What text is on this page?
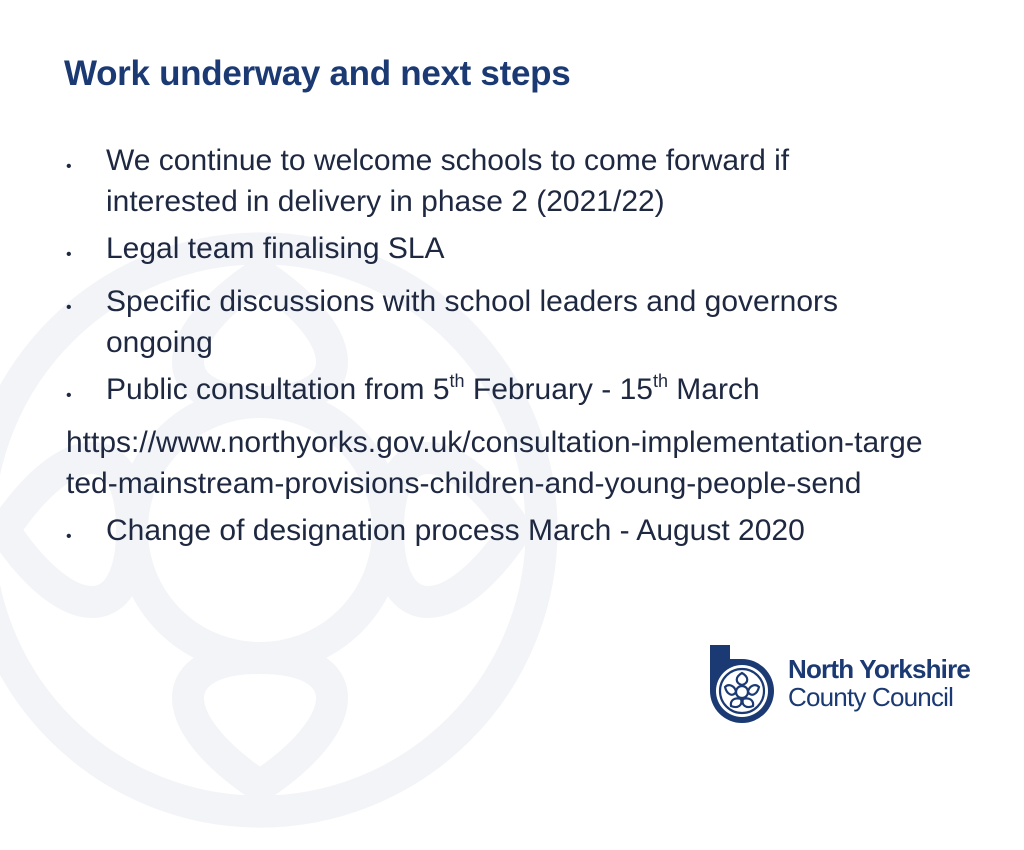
Work underway and next steps
•	We continue to welcome schools to come forward if interested in delivery in phase 2 (2021/22)
•	Legal team finalising SLA
•	Specific discussions with school leaders and governors ongoing
•	Public consultation from 5th February - 15th March
https://www.northyorks.gov.uk/consultation-implementation-targeted-mainstream-provisions-children-and-young-people-send
•	Change of designation process March - August 2020
North Yorkshire
County Council
